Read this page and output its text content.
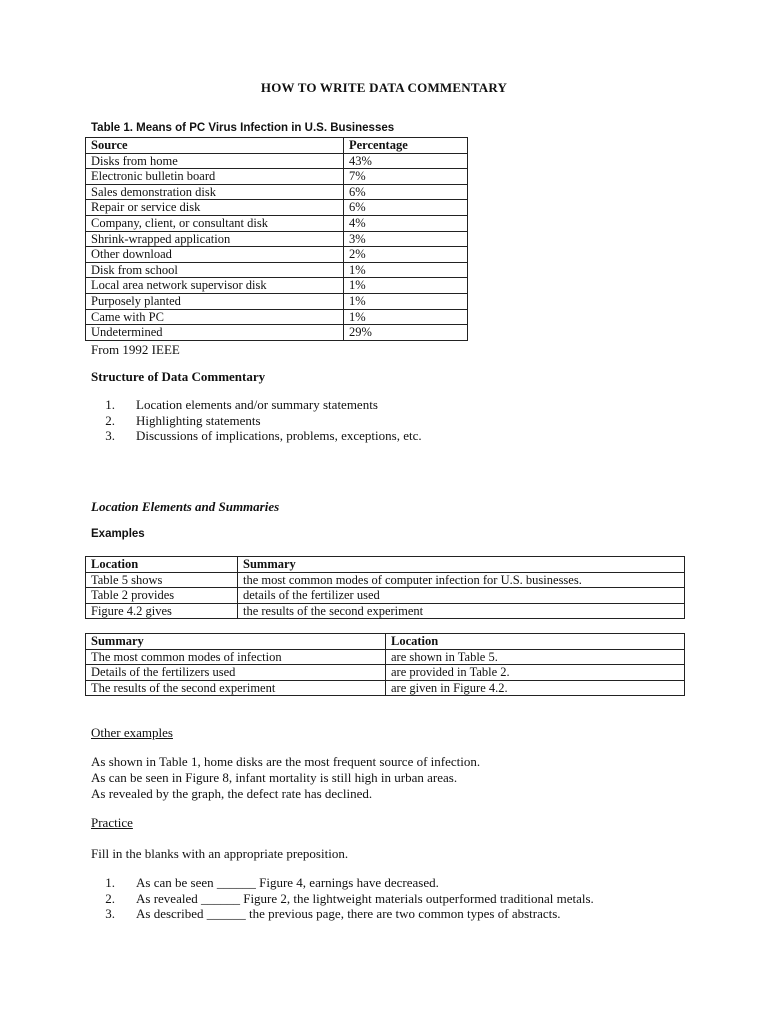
HOW TO WRITE DATA COMMENTARY
Table 1. Means of PC Virus Infection in U.S. Businesses
Source	Percentage
Disks from home	43%
Electronic bulletin board	7%
Sales demonstration disk	6%
Repair or service disk	6%
Company, client, or consultant disk	4%
Shrink-wrapped application	3%
Other download	2%
Disk from school	1%
Local area network supervisor disk	1%
Purposely planted	1%
Came with PC	1%
Undetermined	29%
From 1992 IEEE
Structure of Data Commentary
1. Location elements and/or summary statements
2. Highlighting statements
3. Discussions of implications, problems, exceptions, etc.
Location Elements and Summaries
Examples
Location	Summary
Table 5 shows	the most common modes of computer infection for U.S. businesses.
Table 2 provides	details of the fertilizer used
Figure 4.2 gives	the results of the second experiment
Summary	Location
The most common modes of infection	are shown in Table 5.
Details of the fertilizers used	are provided in Table 2.
The results of the second experiment	are given in Figure 4.2.
Other examples
As shown in Table 1, home disks are the most frequent source of infection.
As can be seen in Figure 8, infant mortality is still high in urban areas.
As revealed by the graph, the defect rate has declined.
Practice
Fill in the blanks with an appropriate preposition.
1. As can be seen ______ Figure 4, earnings have decreased.
2. As revealed ______ Figure 2, the lightweight materials outperformed traditional metals.
3. As described ______ the previous page, there are two common types of abstracts.
